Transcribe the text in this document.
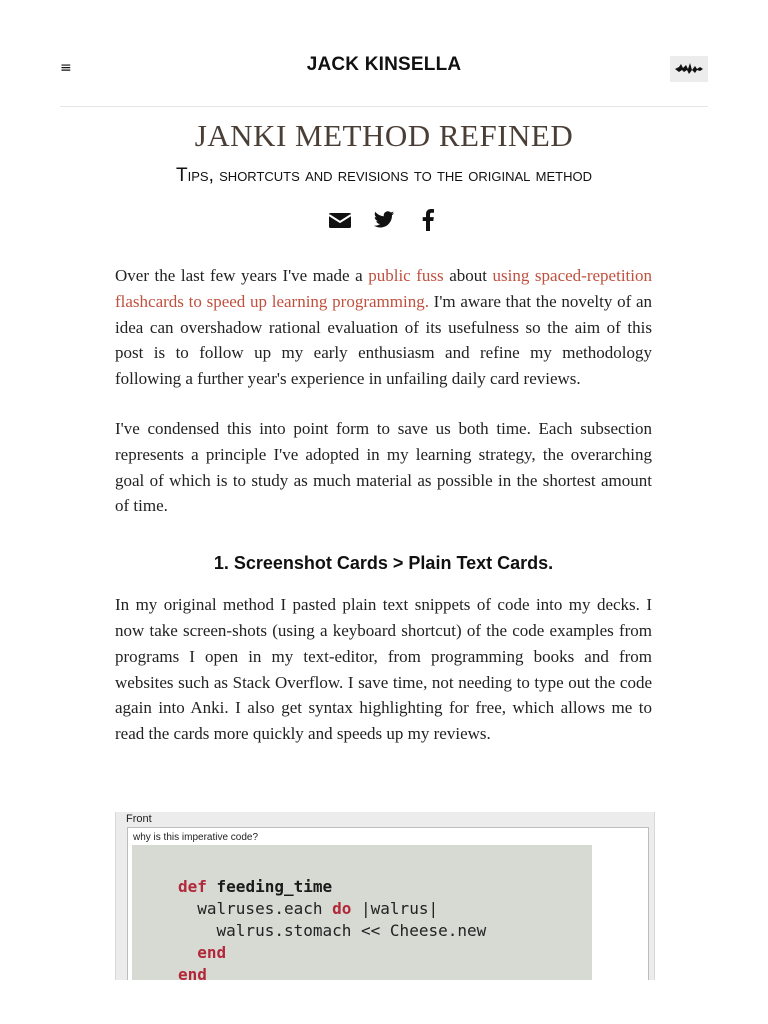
≡	JACK KINSELLA
JANKI METHOD REFINED
Tips, shortcuts and revisions to the original method

Over the last few years I've made a public fuss about using spaced-repetition flashcards to speed up learning programming. I'm aware that the novelty of an idea can overshadow rational evaluation of its usefulness so the aim of this post is to follow up my early enthusiasm and refine my methodology following a further year's experience in unfailing daily card reviews.

I've condensed this into point form to save us both time. Each subsection represents a principle I've adopted in my learning strategy, the overarching goal of which is to study as much material as possible in the shortest amount of time.

1. Screenshot Cards > Plain Text Cards.

In my original method I pasted plain text snippets of code into my decks. I now take screen-shots (using a keyboard shortcut) of the code examples from programs I open in my text-editor, from programming books and from websites such as Stack Overflow. I save time, not needing to type out the code again into Anki. I also get syntax highlighting for free, which allows me to read the cards more quickly and speeds up my reviews.

Front
why is this imperative code?
def feeding_time
walruses.each do |walrus|
walrus.stomach << Cheese.new
end
end
